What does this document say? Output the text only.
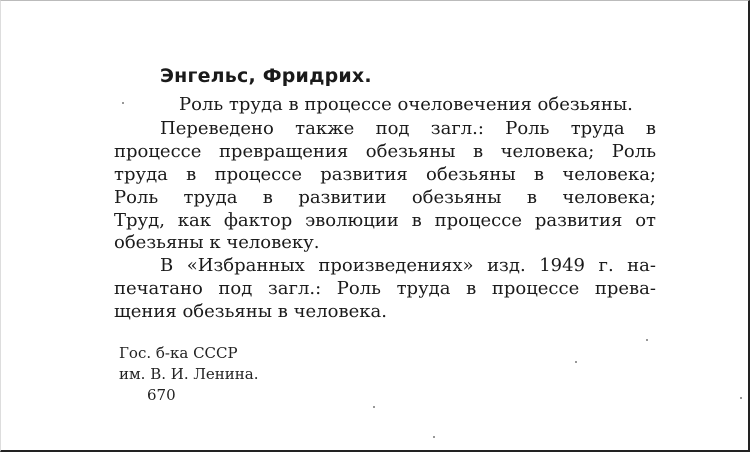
Энгельс, Фридрих.
Роль труда в процессе очеловечения обезьяны.
Переведено также под загл.: Роль труда в
процессе превращения обезьяны в человека; Роль
труда в процессе развития обезьяны в человека;
Роль труда в развитии обезьяны в человека;
Труд, как фактор эволюции в процессе развития от
обезьяны к человеку.
В «Избранных произведениях» изд. 1949 г. на-
печатано под загл.: Роль труда в процессе прева-
щения обезьяны в человека.
Гос. б-ка СССР
им. В. И. Ленина.
670
